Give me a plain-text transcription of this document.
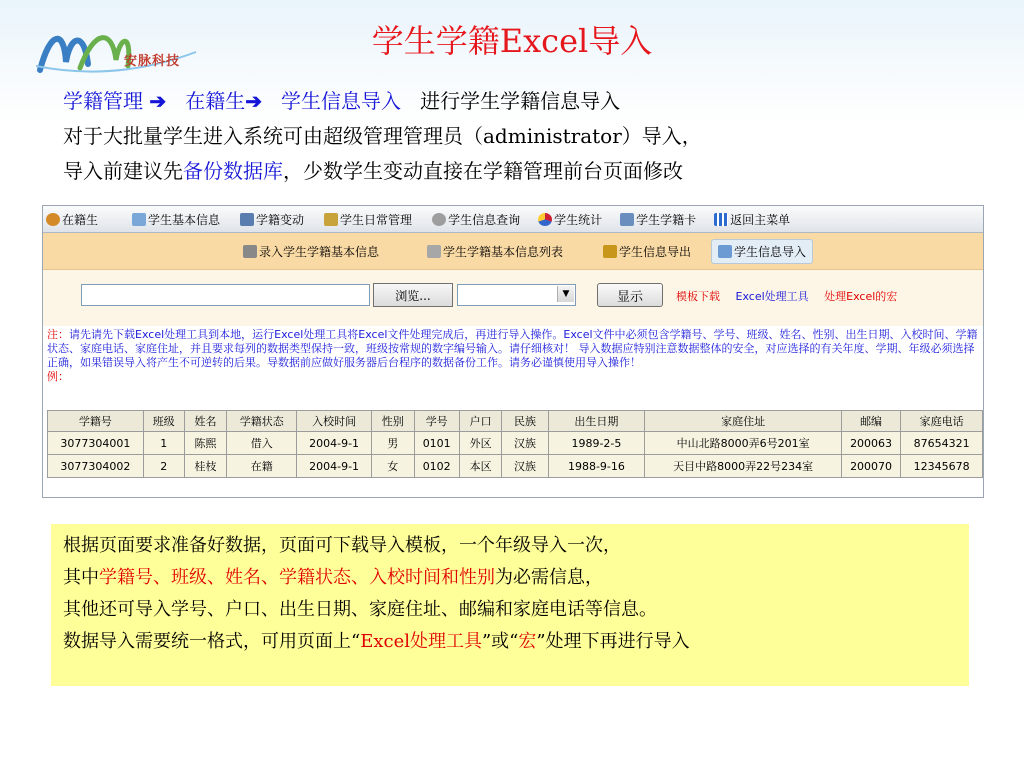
安脉科技
学生学籍Excel导入
学籍管理 ➔ 在籍生➔ 学生信息导入 进行学生学籍信息导入
对于大批量学生进入系统可由超级管理管理员（administrator）导入，
导入前建议先备份数据库，少数学生变动直接在学籍管理前台页面修改
在籍生	学生基本信息	学籍变动	学生日常管理	学生信息查询	学生统计	学生学籍卡	返回主菜单
录入学生学籍基本信息	学生学籍基本信息列表	学生信息导出	学生信息导入
浏览...	▼	显示	模板下载 Excel处理工具 处理Excel的宏
注：请先请先下载Excel处理工具到本地，运行Excel处理工具将Excel文件处理完成后，再进行导入操作。Excel文件中必须包含学籍号、学号、班级、姓名、性别、出生日期、入校时间、学籍状态、家庭电话、家庭住址，并且要求每列的数据类型保持一致，班级按常规的数字编号输入。请仔细核对！ 导入数据应特别注意数据整体的安全，对应选择的有关年度、学期、年级必须选择正确，如果错误导入将产生不可逆转的后果。导数据前应做好服务器后台程序的数据备份工作。请务必谨慎使用导入操作！
例：
学籍号	班级	姓名	学籍状态	入校时间	性别	学号	户口	民族	出生日期	家庭住址	邮编	家庭电话
3077304001	1	陈熙	借入	2004-9-1	男	0101	外区	汉族	1989-2-5	中山北路8000弄6号201室	200063	87654321
3077304002	2	桂枝	在籍	2004-9-1	女	0102	本区	汉族	1988-9-16	天目中路8000弄22号234室	200070	12345678
根据页面要求准备好数据，页面可下载导入模板，一个年级导入一次，
其中学籍号、班级、姓名、学籍状态、入校时间和性别为必需信息，
其他还可导入学号、户口、出生日期、家庭住址、邮编和家庭电话等信息。
数据导入需要统一格式，可用页面上“Excel处理工具”或“宏”处理下再进行导入
